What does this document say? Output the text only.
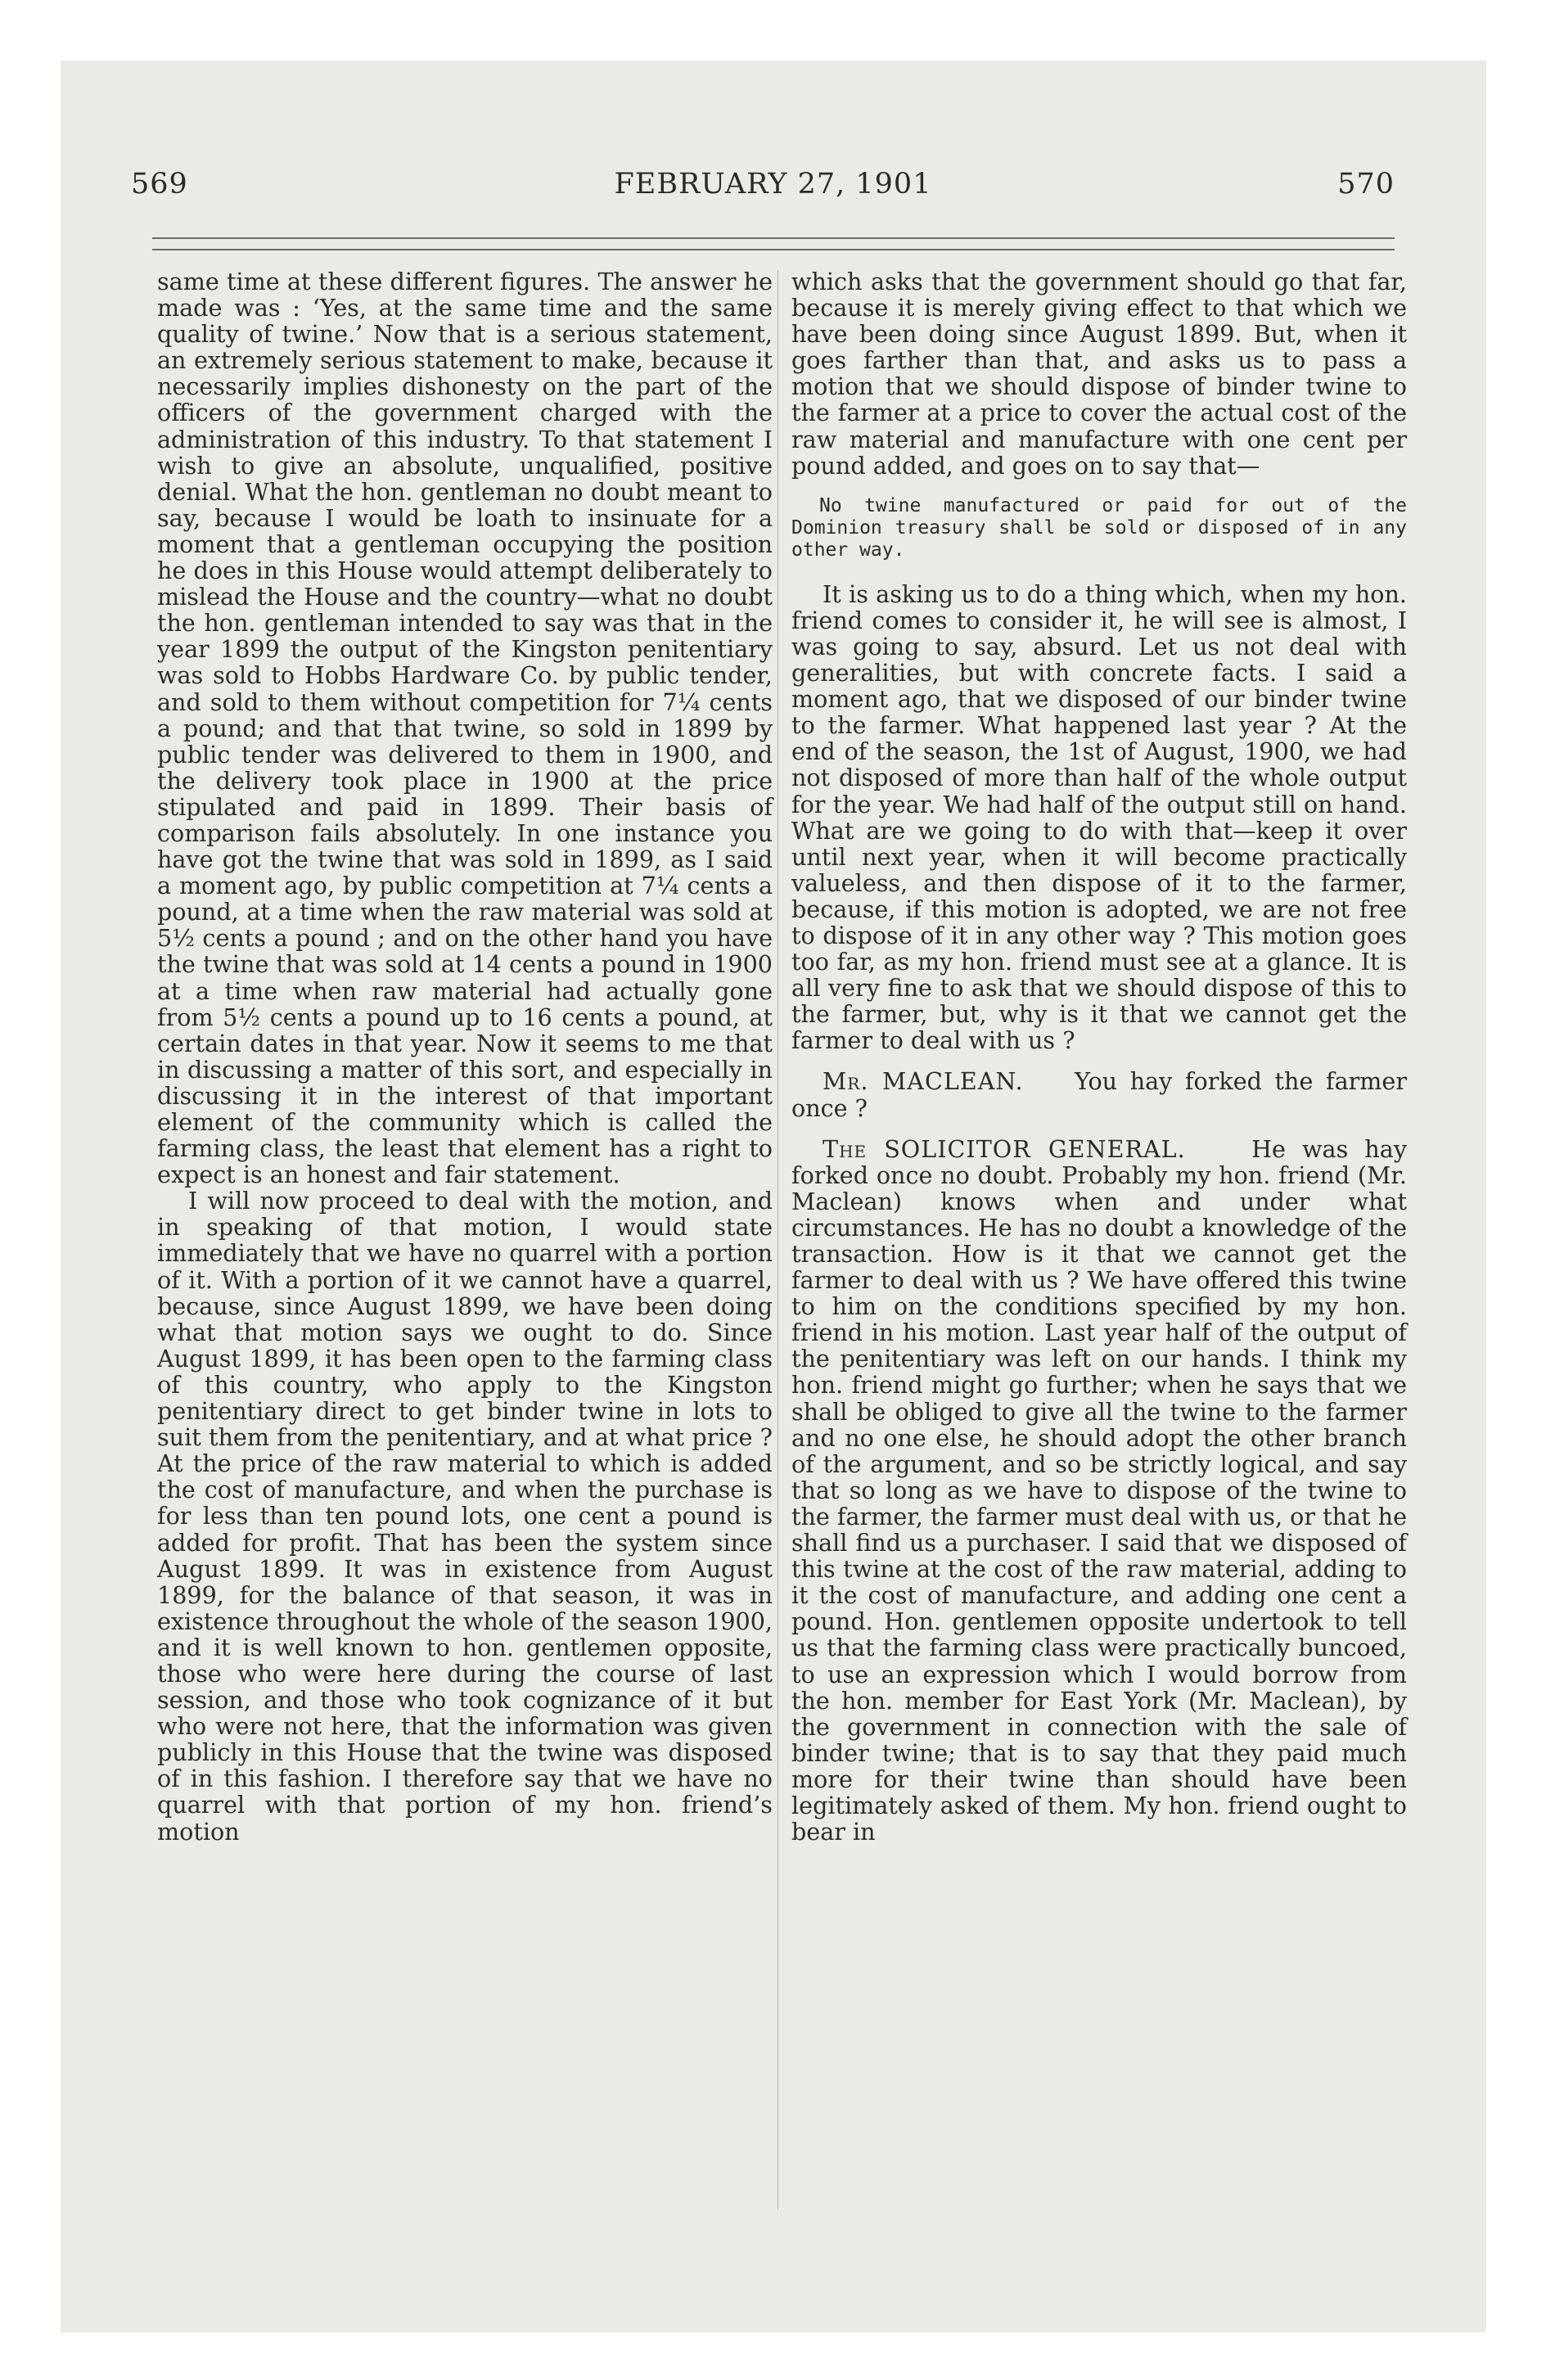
569	FEBRUARY 27, 1901	570

same time at these different figures. The answer he made was : ‘Yes, at the same time and the same quality of twine.’ Now that is a serious statement, an extremely serious statement to make, because it necessarily implies dishonesty on the part of the officers of the government charged with the administration of this industry. To that statement I wish to give an absolute, unqualified, positive denial. What the hon. gentleman no doubt meant to say, because I would be loath to insinuate for a moment that a gentleman occupying the position he does in this House would attempt deliberately to mislead the House and the country—what no doubt the hon. gentleman intended to say was that in the year 1899 the output of the Kingston penitentiary was sold to Hobbs Hardware Co. by public tender, and sold to them without competition for 7¼ cents a pound; and that that twine, so sold in 1899 by public tender was delivered to them in 1900, and the delivery took place in 1900 at the price stipulated and paid in 1899. Their basis of comparison fails absolutely. In one instance you have got the twine that was sold in 1899, as I said a moment ago, by public competition at 7¼ cents a pound, at a time when the raw material was sold at 5½ cents a pound ; and on the other hand you have the twine that was sold at 14 cents a pound in 1900 at a time when raw material had actually gone from 5½ cents a pound up to 16 cents a pound, at certain dates in that year. Now it seems to me that in discussing a matter of this sort, and especially in discussing it in the interest of that important element of the community which is called the farming class, the least that element has a right to expect is an honest and fair statement.

I will now proceed to deal with the motion, and in speaking of that motion, I would state immediately that we have no quarrel with a portion of it. With a portion of it we cannot have a quarrel, because, since August 1899, we have been doing what that motion says we ought to do. Since August 1899, it has been open to the farming class of this country, who apply to the Kingston penitentiary direct to get binder twine in lots to suit them from the penitentiary, and at what price ? At the price of the raw material to which is added the cost of manufacture, and when the purchase is for less than ten pound lots, one cent a pound is added for profit. That has been the system since August 1899. It was in existence from August 1899, for the balance of that season, it was in existence throughout the whole of the season 1900, and it is well known to hon. gentlemen opposite, those who were here during the course of last session, and those who took cognizance of it but who were not here, that the information was given publicly in this House that the twine was disposed of in this fashion. I therefore say that we have no quarrel with that portion of my hon. friend’s motion

which asks that the government should go that far, because it is merely giving effect to that which we have been doing since August 1899. But, when it goes farther than that, and asks us to pass a motion that we should dispose of binder twine to the farmer at a price to cover the actual cost of the raw material and manufacture with one cent per pound added, and goes on to say that—

No twine manufactured or paid for out of the Dominion treasury shall be sold or disposed of in any other way.

It is asking us to do a thing which, when my hon. friend comes to consider it, he will see is almost, I was going to say, absurd. Let us not deal with generalities, but with concrete facts. I said a moment ago, that we disposed of our binder twine to the farmer. What happened last year ? At the end of the season, the 1st of August, 1900, we had not disposed of more than half of the whole output for the year. We had half of the output still on hand. What are we going to do with that—keep it over until next year, when it will become practically valueless, and then dispose of it to the farmer, because, if this motion is adopted, we are not free to dispose of it in any other way ? This motion goes too far, as my hon. friend must see at a glance. It is all very fine to ask that we should dispose of this to the farmer, but, why is it that we cannot get the farmer to deal with us ?

Mr. MACLEAN. You hay forked the farmer once ?

The SOLICITOR GENERAL.	He was hay forked once no doubt. Probably my hon. friend (Mr. Maclean) knows when and under what circumstances. He has no doubt a knowledge of the transaction. How is it that we cannot get the farmer to deal with us ? We have offered this twine to him on the conditions specified by my hon. friend in his motion. Last year half of the output of the penitentiary was left on our hands. I think my hon. friend might go further; when he says that we shall be obliged to give all the twine to the farmer and no one else, he should adopt the other branch of the argument, and so be strictly logical, and say that so long as we have to dispose of the twine to the farmer, the farmer must deal with us, or that he shall find us a purchaser. I said that we disposed of this twine at the cost of the raw material, adding to it the cost of manufacture, and adding one cent a pound. Hon. gentlemen opposite undertook to tell us that the farming class were practically buncoed, to use an expression which I would borrow from the hon. member for East York (Mr. Maclean), by the government in connection with the sale of binder twine; that is to say that they paid much more for their twine than should have been legitimately asked of them. My hon. friend ought to bear in
